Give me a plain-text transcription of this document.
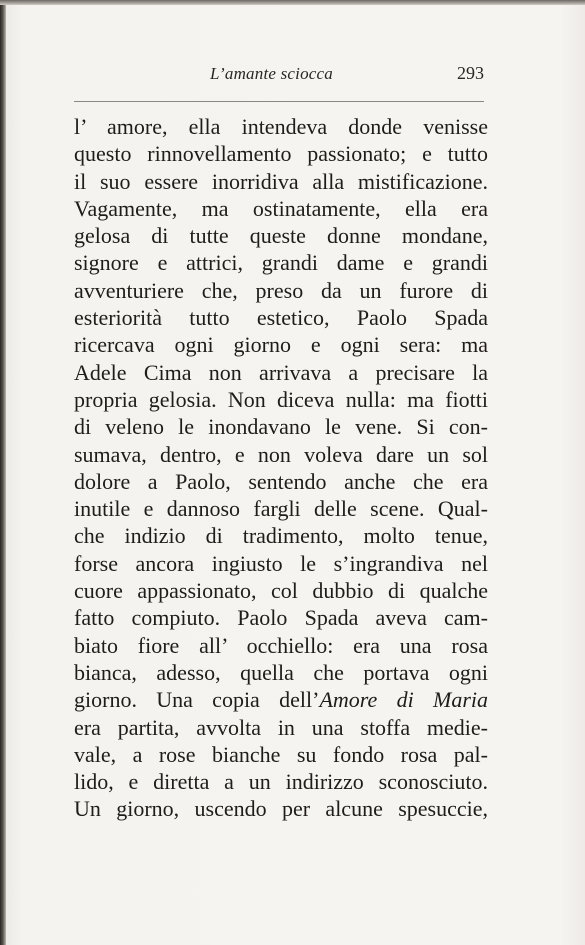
L’amante sciocca	293
l’ amore, ella intendeva donde venisse
questo rinnovellamento passionato; e tutto
il suo essere inorridiva alla mistificazione.
Vagamente, ma ostinatamente, ella era
gelosa di tutte queste donne mondane,
signore e attrici, grandi dame e grandi
avventuriere che, preso da un furore di
esteriorità tutto estetico, Paolo Spada
ricercava ogni giorno e ogni sera: ma
Adele Cima non arrivava a precisare la
propria gelosia. Non diceva nulla: ma fiotti
di veleno le inondavano le vene. Si con-
sumava, dentro, e non voleva dare un sol
dolore a Paolo, sentendo anche che era
inutile e dannoso fargli delle scene. Qual-
che indizio di tradimento, molto tenue,
forse ancora ingiusto le s’ingrandiva nel
cuore appassionato, col dubbio di qualche
fatto compiuto. Paolo Spada aveva cam-
biato fiore all’ occhiello: era una rosa
bianca, adesso, quella che portava ogni
giorno. Una copia dell’Amore di Maria
era partita, avvolta in una stoffa medie-
vale, a rose bianche su fondo rosa pal-
lido, e diretta a un indirizzo sconosciuto.
Un giorno, uscendo per alcune spesuccie,
